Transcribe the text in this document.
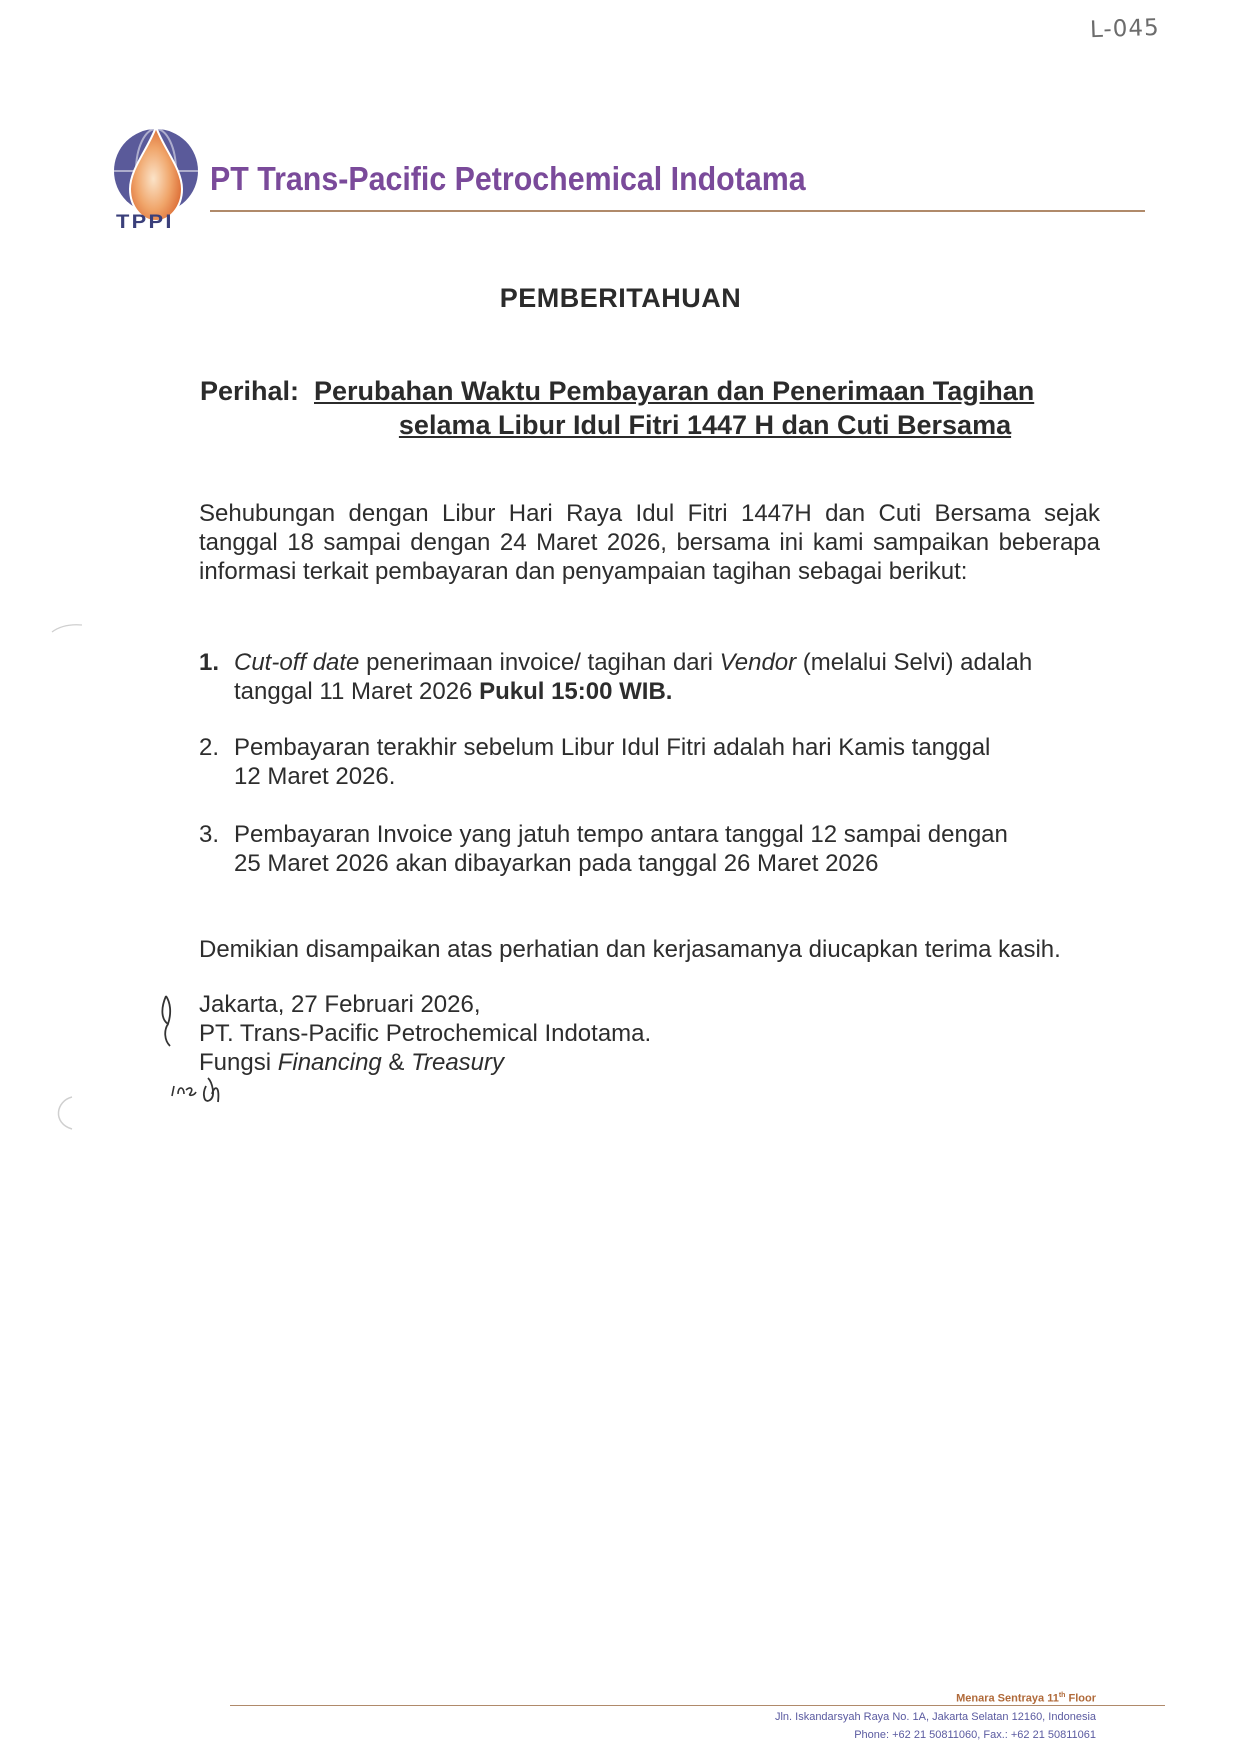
L-045
TPPI
PT Trans-Pacific Petrochemical Indotama
PEMBERITAHUAN
Perihal: Perubahan Waktu Pembayaran dan Penerimaan Tagihan
selama Libur Idul Fitri 1447 H dan Cuti Bersama
Sehubungan dengan Libur Hari Raya Idul Fitri 1447H dan Cuti Bersama sejak tanggal 18 sampai dengan 24 Maret 2026, bersama ini kami sampaikan beberapa informasi terkait pembayaran dan penyampaian tagihan sebagai berikut:
1. Cut-off date penerimaan invoice/ tagihan dari Vendor (melalui Selvi) adalah tanggal 11 Maret 2026 Pukul 15:00 WIB.
2. Pembayaran terakhir sebelum Libur Idul Fitri adalah hari Kamis tanggal
12 Maret 2026.
3. Pembayaran Invoice yang jatuh tempo antara tanggal 12 sampai dengan
25 Maret 2026 akan dibayarkan pada tanggal 26 Maret 2026
Demikian disampaikan atas perhatian dan kerjasamanya diucapkan terima kasih.
Jakarta, 27 Februari 2026,
PT. Trans-Pacific Petrochemical Indotama.
Fungsi Financing & Treasury
Menara Sentraya 11th Floor
Jln. Iskandarsyah Raya No. 1A, Jakarta Selatan 12160, Indonesia
Phone: +62 21 50811060, Fax.: +62 21 50811061
